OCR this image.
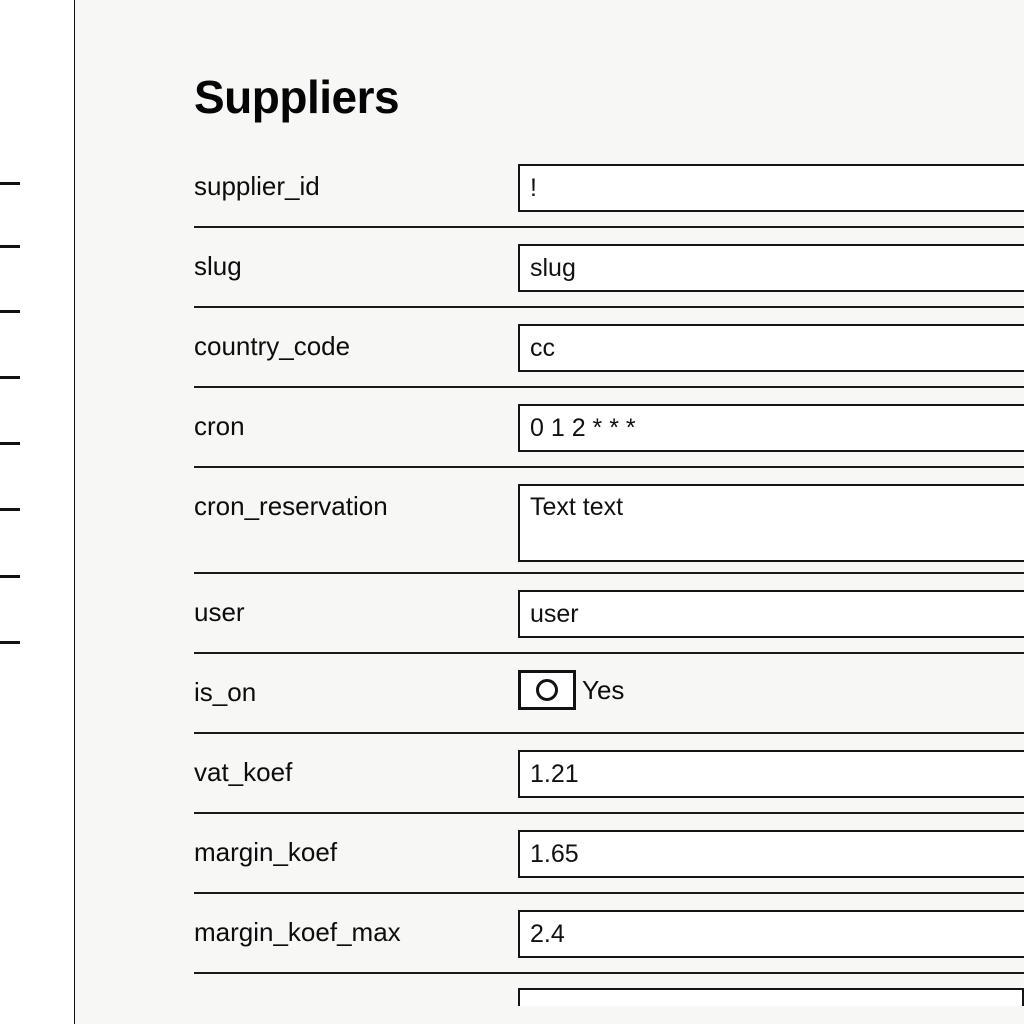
Suppliers
supplier_id
!
slug
slug
country_code
cc
cron
0 1 2 * * *
cron_reservation
Text text
user
user
is_on	Yes
vat_koef
1.21
margin_koef
1.65
margin_koef_max
2.4
